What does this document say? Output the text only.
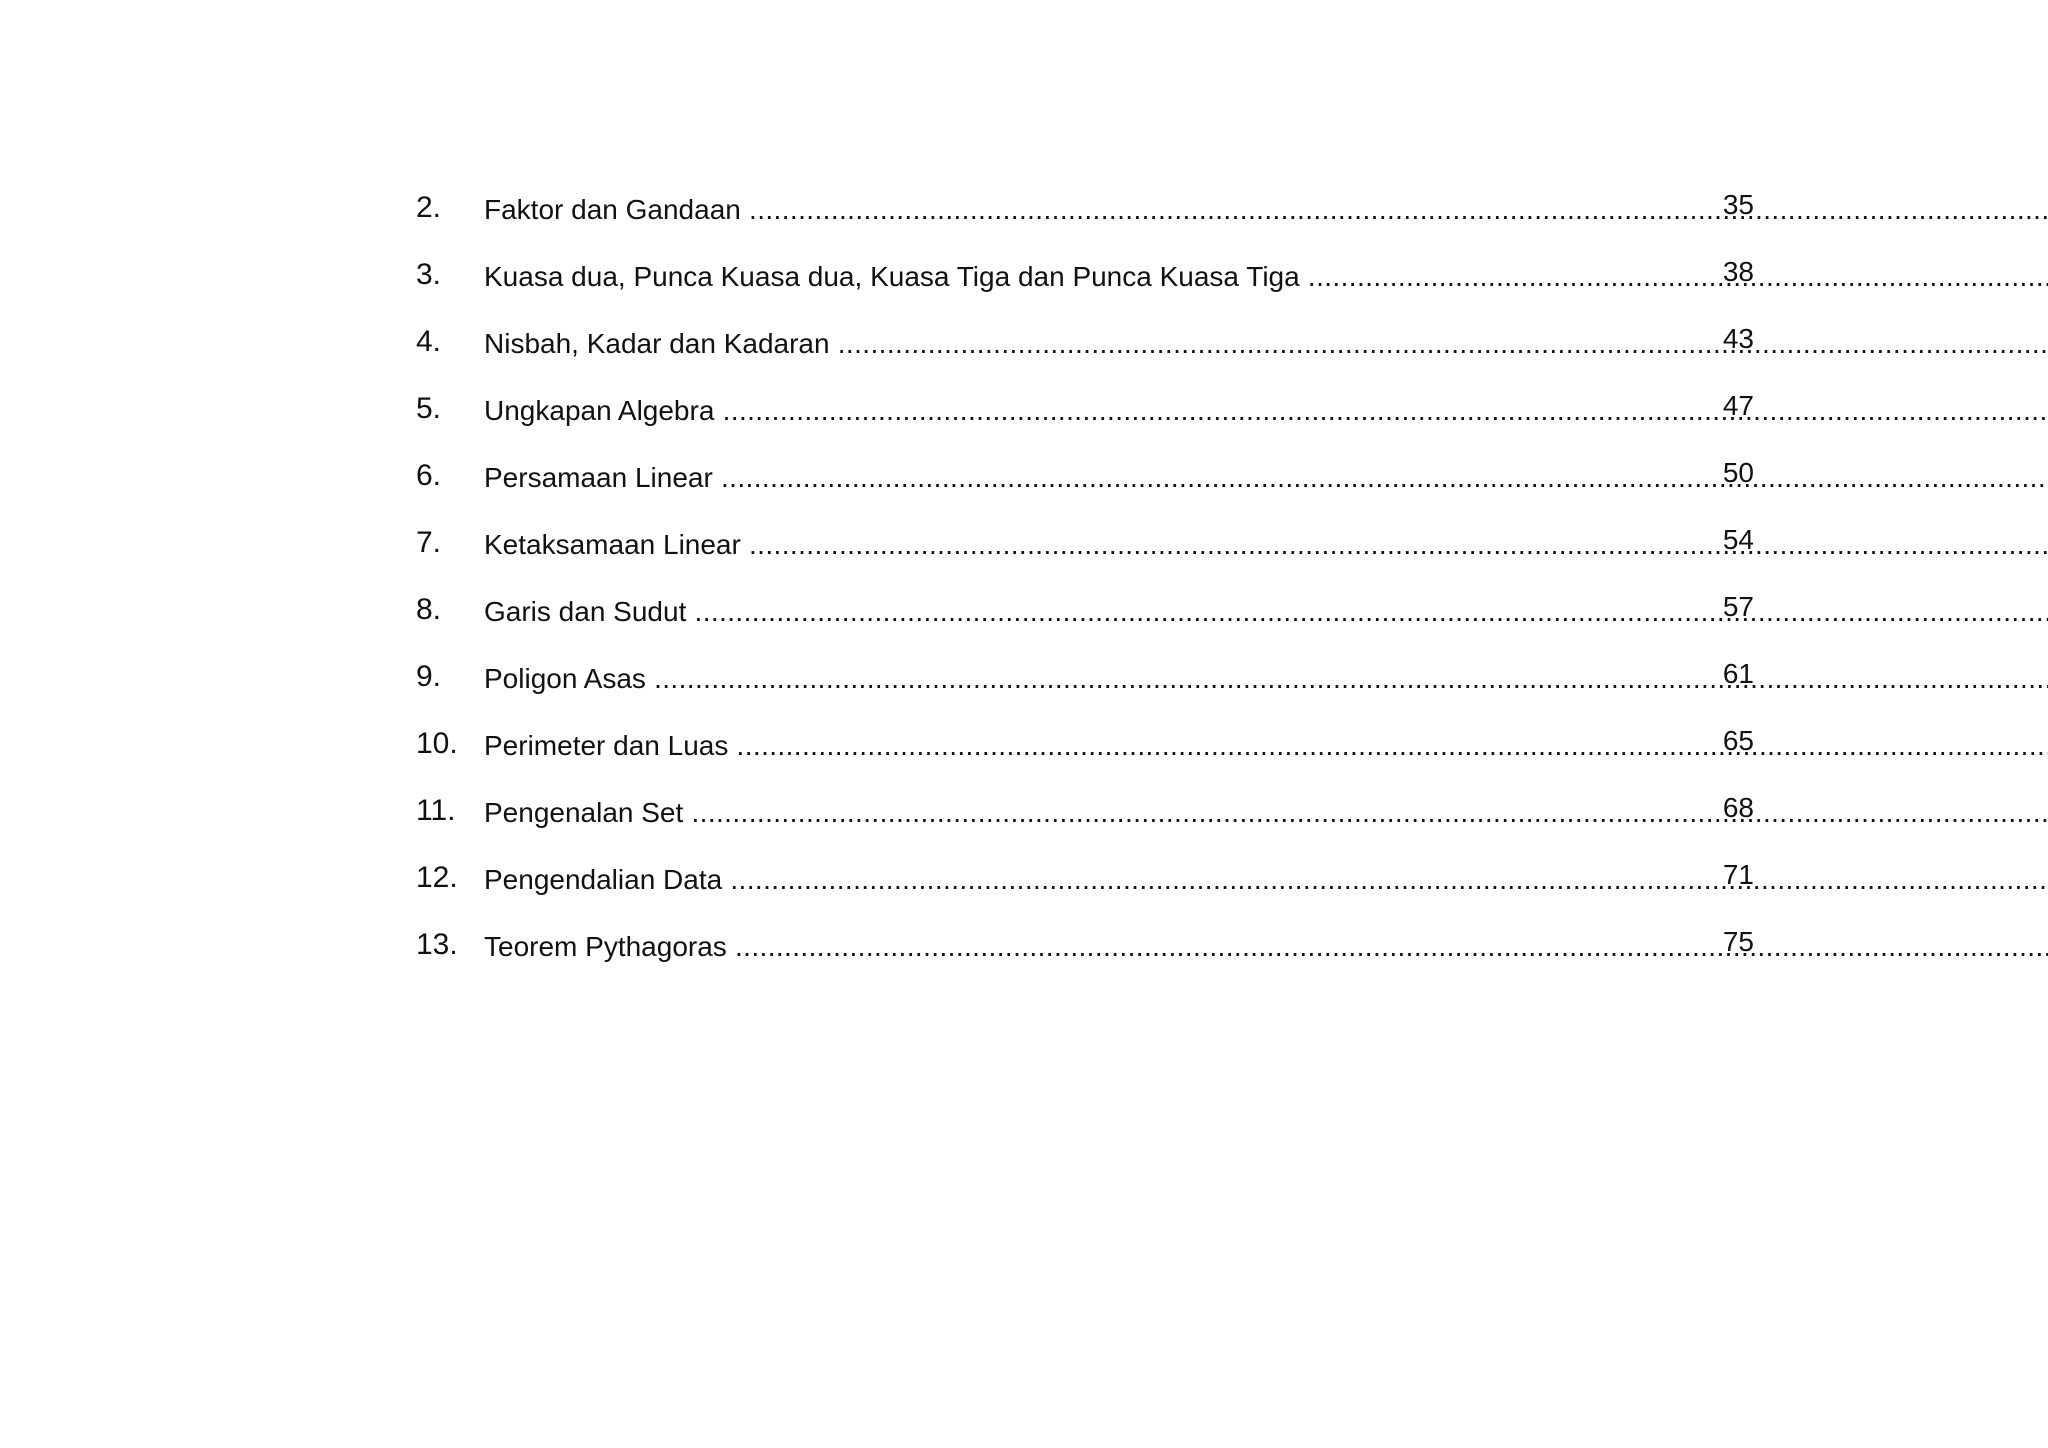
2. Faktor dan Gandaan .....	35
3. Kuasa dua, Punca Kuasa dua, Kuasa Tiga dan Punca Kuasa Tiga .....	38
4. Nisbah, Kadar dan Kadaran .....	43
5. Ungkapan Algebra .....	47
6. Persamaan Linear .....	50
7. Ketaksamaan Linear .....	54
8. Garis dan Sudut .....	57
9. Poligon Asas .....	61
10. Perimeter dan Luas .....	65
11. Pengenalan Set .....	68
12. Pengendalian Data .....	71
13. Teorem Pythagoras .....	75
